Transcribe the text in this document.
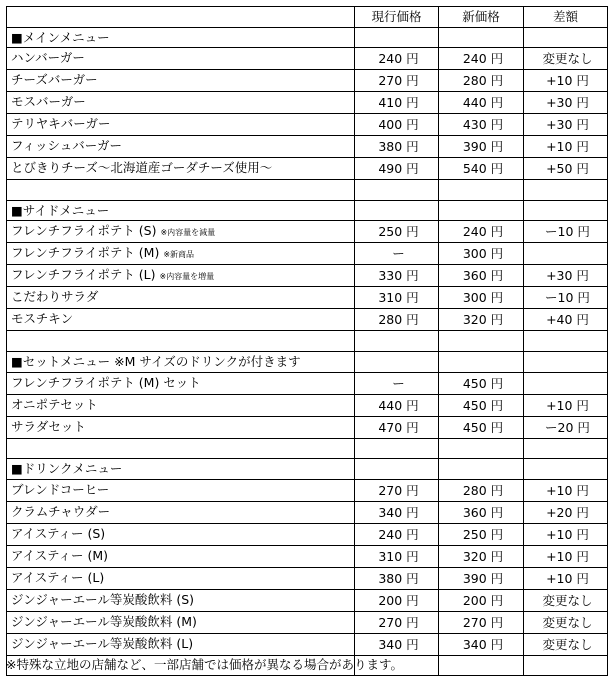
	現行価格	新価格	差額
■メインメニュー			
ハンバーガー	240 円	240 円	変更なし
チーズバーガー	270 円	280 円	+10 円
モスバーガー	410 円	440 円	+30 円
テリヤキバーガー	400 円	430 円	+30 円
フィッシュバーガー	380 円	390 円	+10 円
とびきりチーズ～北海道産ゴーダチーズ使用～	490 円	540 円	+50 円

■サイドメニュー			
フレンチフライポテト (S) ※内容量を減量	250 円	240 円	ー10 円
フレンチフライポテト (M) ※新商品	ー	300 円	
フレンチフライポテト (L) ※内容量を増量	330 円	360 円	+30 円
こだわりサラダ	310 円	300 円	ー10 円
モスチキン	280 円	320 円	+40 円

■セットメニュー ※M サイズのドリンクが付きます			
フレンチフライポテト (M) セット	ー	450 円	
オニポテセット	440 円	450 円	+10 円
サラダセット	470 円	450 円	ー20 円

■ドリンクメニュー			
ブレンドコーヒー	270 円	280 円	+10 円
クラムチャウダー	340 円	360 円	+20 円
アイスティー (S)	240 円	250 円	+10 円
アイスティー (M)	310 円	320 円	+10 円
アイスティー (L)	380 円	390 円	+10 円
ジンジャーエール等炭酸飲料 (S)	200 円	200 円	変更なし
ジンジャーエール等炭酸飲料 (M)	270 円	270 円	変更なし
ジンジャーエール等炭酸飲料 (L)	340 円	340 円	変更なし

※特殊な立地の店舗など、一部店舗では価格が異なる場合があります。
